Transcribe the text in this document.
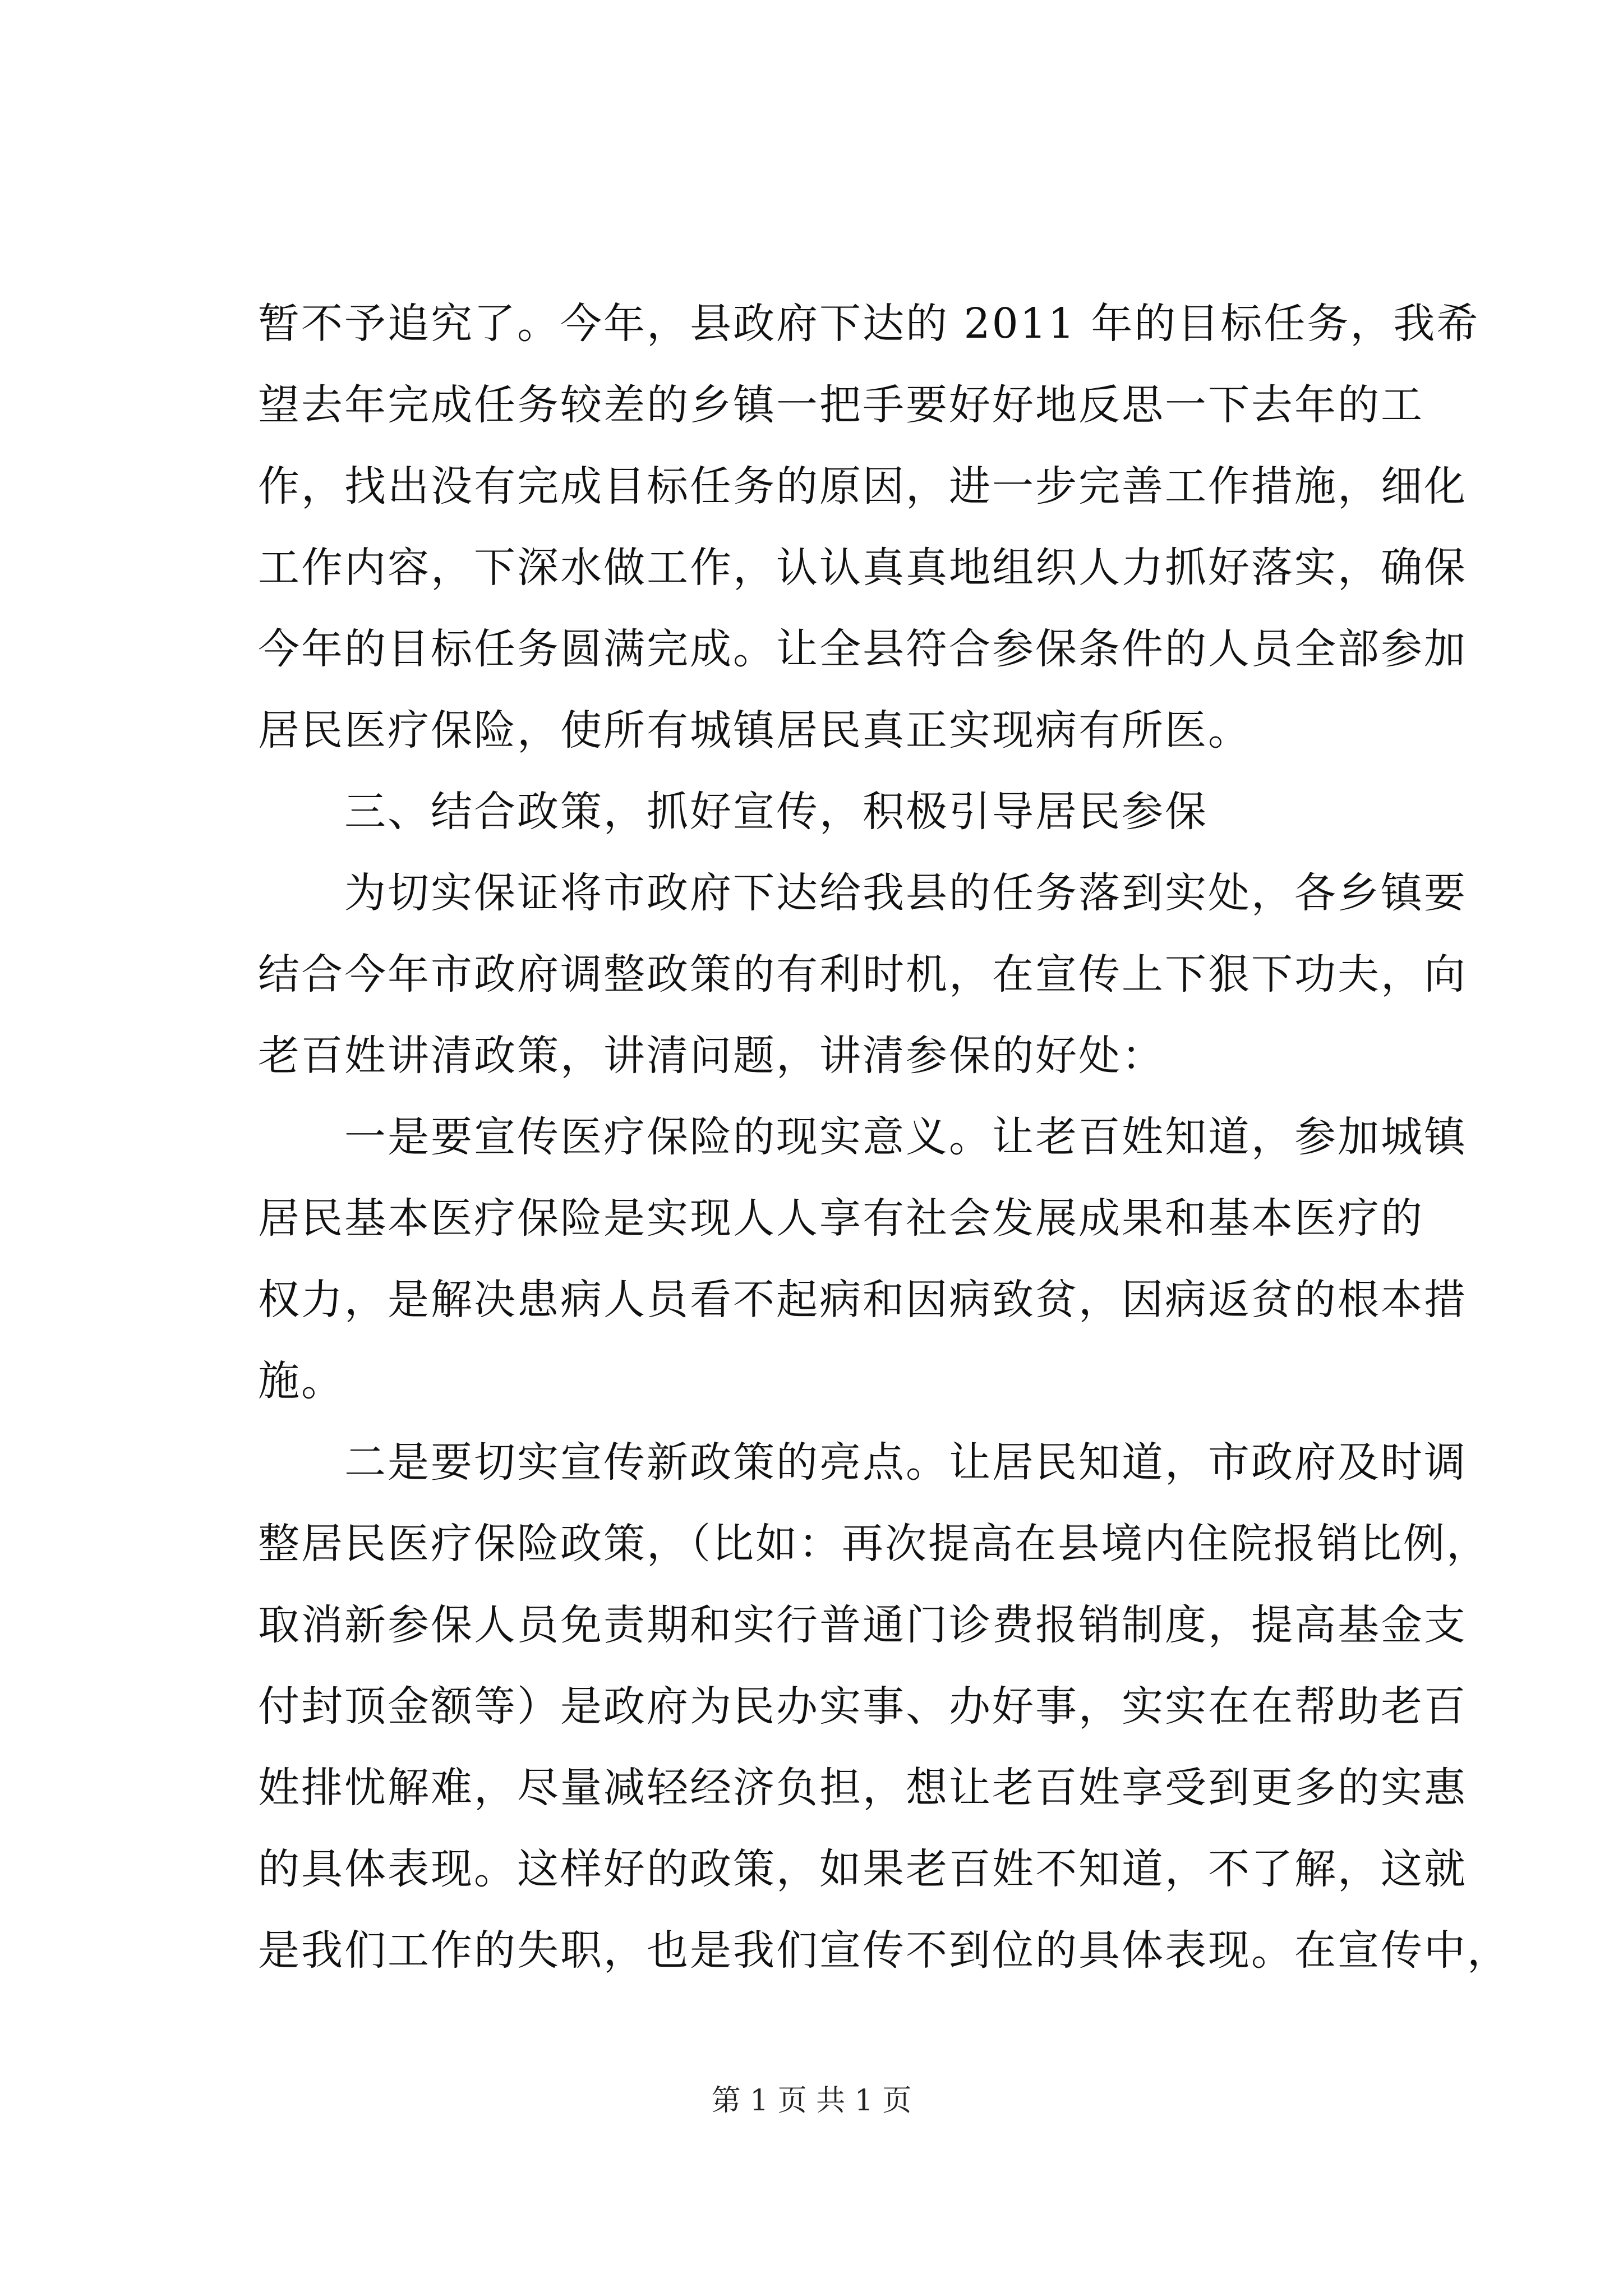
暂不予追究了。今年，县政府下达的 2011 年的目标任务，我希
望去年完成任务较差的乡镇一把手要好好地反思一下去年的工
作，找出没有完成目标任务的原因，进一步完善工作措施，细化
工作内容，下深水做工作，认认真真地组织人力抓好落实，确保
今年的目标任务圆满完成。让全县符合参保条件的人员全部参加
居民医疗保险，使所有城镇居民真正实现病有所医。
　　三、结合政策，抓好宣传，积极引导居民参保
　　为切实保证将市政府下达给我县的任务落到实处，各乡镇要
结合今年市政府调整政策的有利时机，在宣传上下狠下功夫，向
老百姓讲清政策，讲清问题，讲清参保的好处：
　　一是要宣传医疗保险的现实意义。让老百姓知道，参加城镇
居民基本医疗保险是实现人人享有社会发展成果和基本医疗的
权力，是解决患病人员看不起病和因病致贫，因病返贫的根本措
施。
　　二是要切实宣传新政策的亮点。让居民知道，市政府及时调
整居民医疗保险政策，（比如：再次提高在县境内住院报销比例，
取消新参保人员免责期和实行普通门诊费报销制度，提高基金支
付封顶金额等）是政府为民办实事、办好事，实实在在帮助老百
姓排忧解难，尽量减轻经济负担，想让老百姓享受到更多的实惠
的具体表现。这样好的政策，如果老百姓不知道，不了解，这就
是我们工作的失职，也是我们宣传不到位的具体表现。在宣传中，
第 1 页 共 1 页
